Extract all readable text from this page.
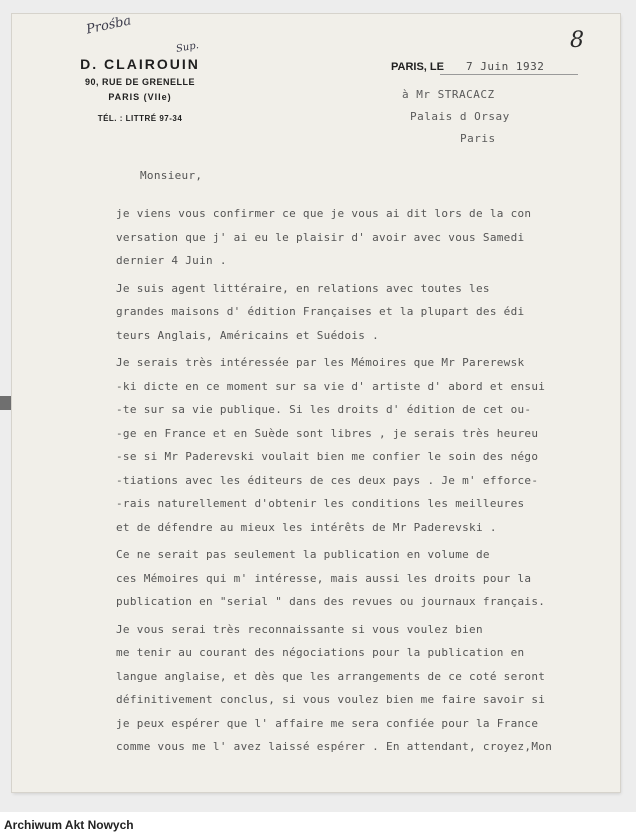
Prośba
Sup.	8
D. CLAIROUIN
90, RUE DE GRENELLE
PARIS (VIIe)
TÉL. : LITTRÉ 97-34
PARIS, LE 7 Juin 1932
à Mr STRACACZ
Palais d Orsay
Paris
Monsieur,

je viens vous confirmer ce que je vous ai dit lors de la con
versation que j' ai eu le plaisir d' avoir avec vous Samedi
dernier 4 Juin .

Je suis agent littéraire, en relations avec toutes les
grandes maisons d' édition Françaises et la plupart des édi
teurs Anglais, Américains et Suédois .

Je serais très intéressée par les Mémoires que Mr Parerewsk
-ki dicte en ce moment sur sa vie d' artiste d' abord et ensui
-te sur sa vie publique. Si les droits d' édition de cet ou-
-ge en France et en Suède sont libres , je serais très heureu
-se si Mr Paderevski voulait bien me confier le soin des négo
-tiations avec les éditeurs de ces deux pays . Je m' efforce-
-rais naturellement d'obtenir les conditions les meilleures
et de défendre au mieux les intérêts de Mr Paderevski .

Ce ne serait pas seulement la publication en volume de
ces Mémoires qui m' intéresse, mais aussi les droits pour la
publication en "serial " dans des revues ou journaux français.

Je vous serai très reconnaissante si vous voulez bien
me tenir au courant des négociations pour la publication en
langue anglaise, et dès que les arrangements de ce coté seront
définitivement conclus, si vous voulez bien me faire savoir si
je peux espérer que l' affaire me sera confiée pour la France
comme vous me l' avez laissé espérer . En attendant, croyez,Mon

Archiwum Akt Nowych
